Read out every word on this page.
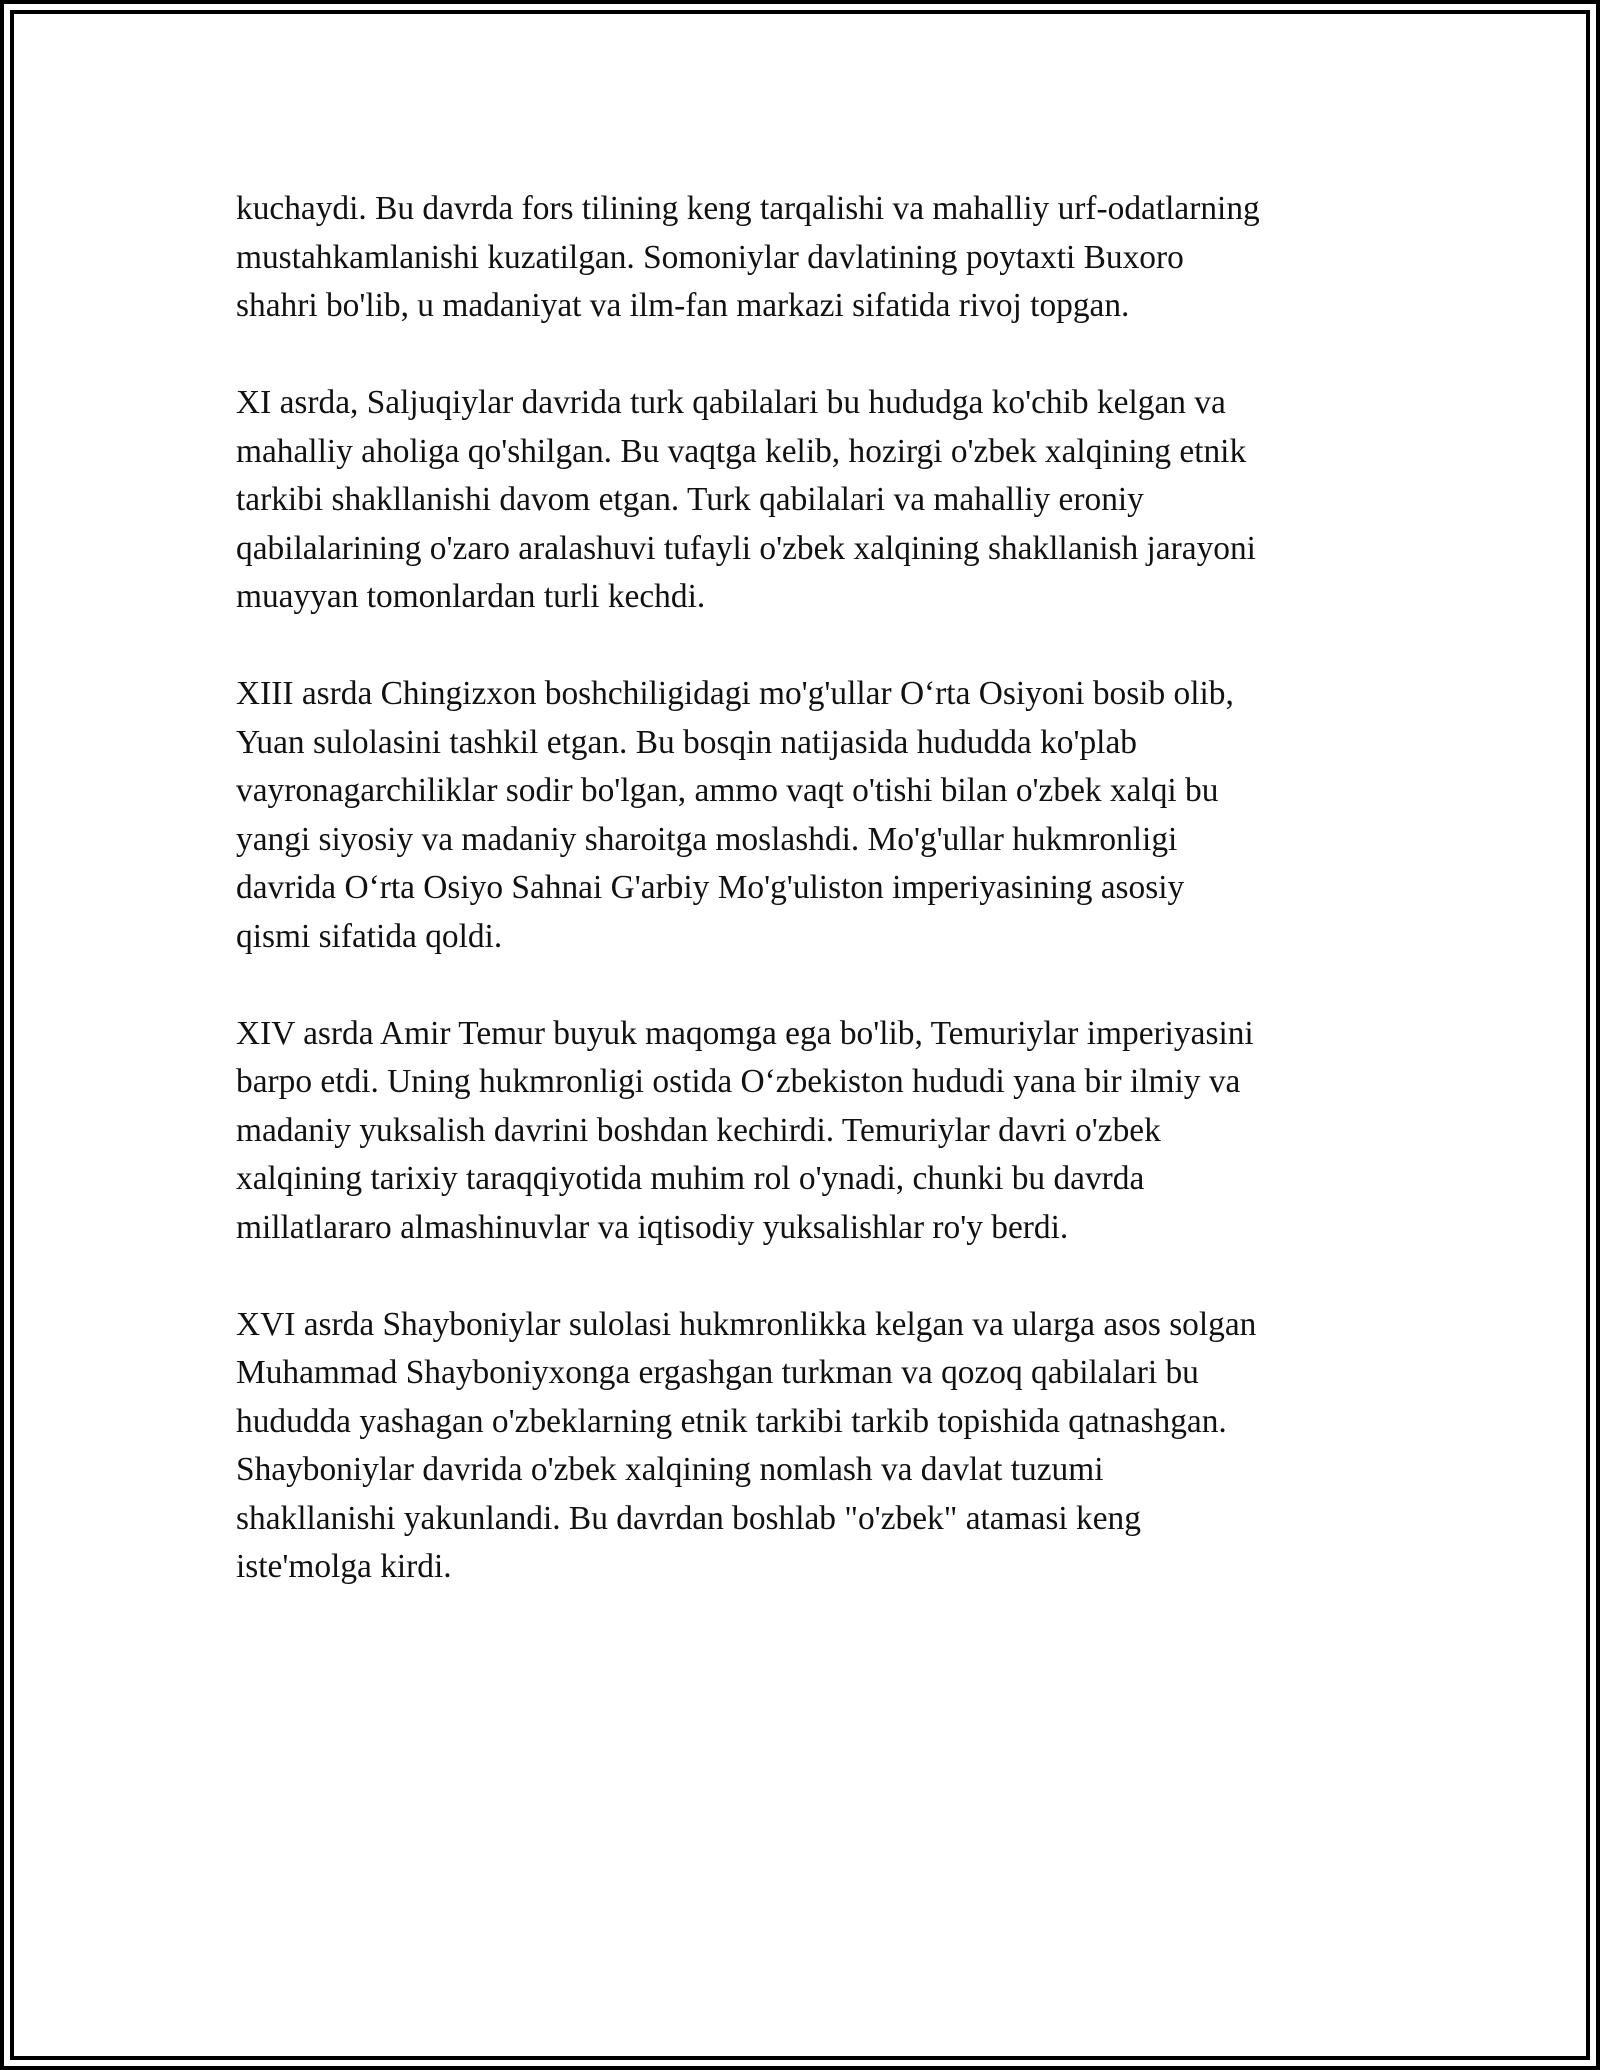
kuchaydi. Bu davrda fors tilining keng tarqalishi va mahalliy urf-odatlarning
mustahkamlanishi kuzatilgan. Somoniylar davlatining poytaxti Buxoro
shahri bo'lib, u madaniyat va ilm-fan markazi sifatida rivoj topgan.

XI asrda, Saljuqiylar davrida turk qabilalari bu hududga ko'chib kelgan va
mahalliy aholiga qo'shilgan. Bu vaqtga kelib, hozirgi o'zbek xalqining etnik
tarkibi shakllanishi davom etgan. Turk qabilalari va mahalliy eroniy
qabilalarining o'zaro aralashuvi tufayli o'zbek xalqining shakllanish jarayoni
muayyan tomonlardan turli kechdi.

XIII asrda Chingizxon boshchiligidagi mo'g'ullar O‘rta Osiyoni bosib olib,
Yuan sulolasini tashkil etgan. Bu bosqin natijasida hududda ko'plab
vayronagarchiliklar sodir bo'lgan, ammo vaqt o'tishi bilan o'zbek xalqi bu
yangi siyosiy va madaniy sharoitga moslashdi. Mo'g'ullar hukmronligi
davrida O‘rta Osiyo Sahnai G'arbiy Mo'g'uliston imperiyasining asosiy
qismi sifatida qoldi.

XIV asrda Amir Temur buyuk maqomga ega bo'lib, Temuriylar imperiyasini
barpo etdi. Uning hukmronligi ostida O‘zbekiston hududi yana bir ilmiy va
madaniy yuksalish davrini boshdan kechirdi. Temuriylar davri o'zbek
xalqining tarixiy taraqqiyotida muhim rol o'ynadi, chunki bu davrda
millatlararo almashinuvlar va iqtisodiy yuksalishlar ro'y berdi.

XVI asrda Shayboniylar sulolasi hukmronlikka kelgan va ularga asos solgan
Muhammad Shayboniyxonga ergashgan turkman va qozoq qabilalari bu
hududda yashagan o'zbeklarning etnik tarkibi tarkib topishida qatnashgan.
Shayboniylar davrida o'zbek xalqining nomlash va davlat tuzumi
shakllanishi yakunlandi. Bu davrdan boshlab "o'zbek" atamasi keng
iste'molga kirdi.
